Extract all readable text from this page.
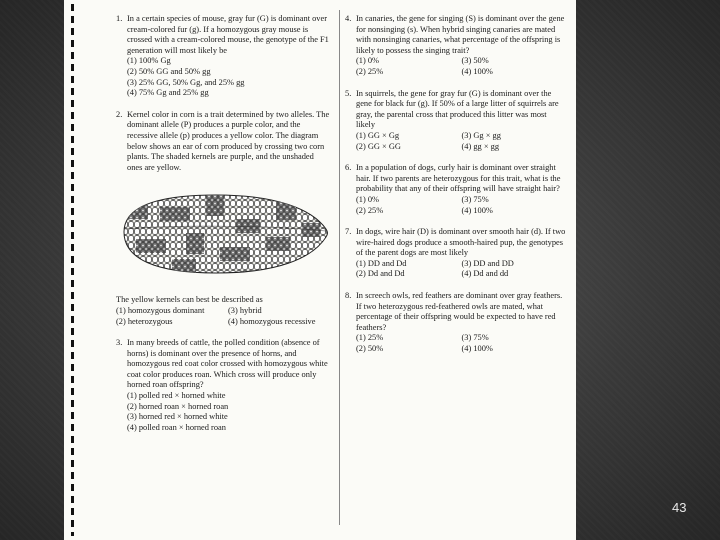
1. In a certain species of mouse, gray fur (G) is dominant over cream-colored fur (g). If a homozygous gray mouse is crossed with a cream-colored mouse, the genotype of the F1 generation will most likely be
(1) 100% Gg
(2) 50% GG and 50% gg
(3) 25% GG, 50% Gg, and 25% gg
(4) 75% Gg and 25% gg
2. Kernel color in corn is a trait determined by two alleles. The dominant allele (P) produces a purple color, and the recessive allele (p) produces a yellow color. The diagram below shows an ear of corn produced by crossing two corn plants. The shaded kernels are purple, and the unshaded ones are yellow.
The yellow kernels can best be described as
(1) homozygous dominant	(3) hybrid
(2) heterozygous	(4) homozygous recessive
3. In many breeds of cattle, the polled condition (absence of horns) is dominant over the presence of horns, and homozygous red coat color crossed with homozygous white coat color produces roan. Which cross will produce only horned roan offspring?
(1) polled red × horned white
(2) horned roan × horned roan
(3) horned red × horned white
(4) polled roan × horned roan
4. In canaries, the gene for singing (S) is dominant over the gene for nonsinging (s). When hybrid singing canaries are mated with nonsinging canaries, what percentage of the offspring is likely to possess the singing trait?
(1) 0%	(3) 50%
(2) 25%	(4) 100%
5. In squirrels, the gene for gray fur (G) is dominant over the gene for black fur (g). If 50% of a large litter of squirrels are gray, the parental cross that produced this litter was most likely
(1) GG × Gg	(3) Gg × gg
(2) GG × GG	(4) gg × gg
6. In a population of dogs, curly hair is dominant over straight hair. If two parents are heterozygous for this trait, what is the probability that any of their offspring will have straight hair?
(1) 0%	(3) 75%
(2) 25%	(4) 100%
7. In dogs, wire hair (D) is dominant over smooth hair (d). If two wire-haired dogs produce a smooth-haired pup, the genotypes of the parent dogs are most likely
(1) DD and Dd	(3) DD and DD
(2) Dd and Dd	(4) Dd and dd
8. In screech owls, red feathers are dominant over gray feathers. If two heterozygous red-feathered owls are mated, what percentage of their offspring would be expected to have red feathers?
(1) 25%	(3) 75%
(2) 50%	(4) 100%
43
